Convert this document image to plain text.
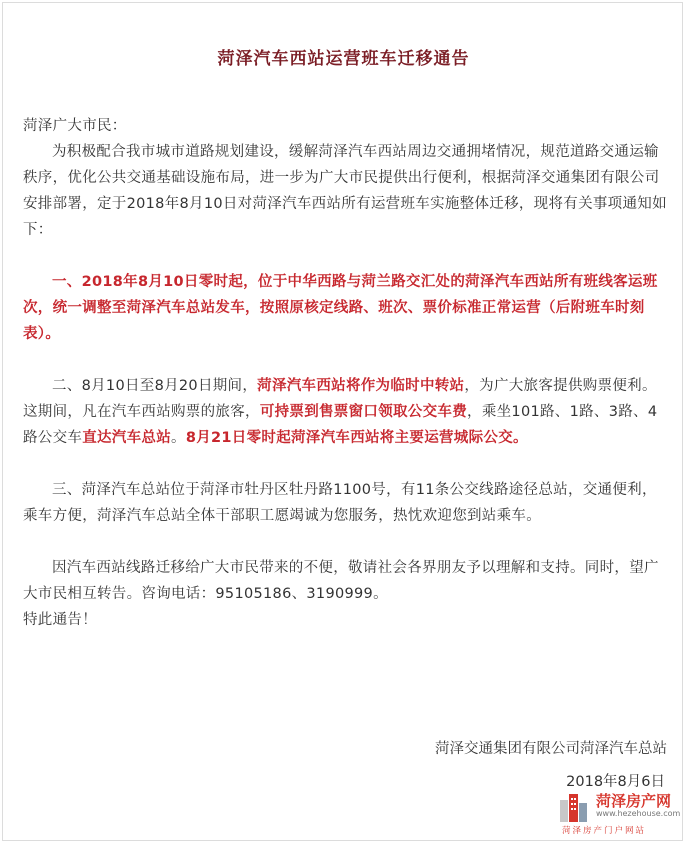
菏泽汽车西站运营班车迁移通告

菏泽广大市民：

为积极配合我市城市道路规划建设，缓解菏泽汽车西站周边交通拥堵情况，规范道路交通运输秩序，优化公共交通基础设施布局，进一步为广大市民提供出行便利，根据菏泽交通集团有限公司安排部署，定于2018年8月10日对菏泽汽车西站所有运营班车实施整体迁移，现将有关事项通知如下：

一、2018年8月10日零时起，位于中华西路与菏兰路交汇处的菏泽汽车西站所有班线客运班次，统一调整至菏泽汽车总站发车，按照原核定线路、班次、票价标准正常运营（后附班车时刻表）。

二、8月10日至8月20日期间，菏泽汽车西站将作为临时中转站，为广大旅客提供购票便利。这期间，凡在汽车西站购票的旅客，可持票到售票窗口领取公交车费，乘坐101路、1路、3路、4路公交车直达汽车总站。8月21日零时起菏泽汽车西站将主要运营城际公交。

三、菏泽汽车总站位于菏泽市牡丹区牡丹路1100号，有11条公交线路途径总站，交通便利，乘车方便，菏泽汽车总站全体干部职工愿竭诚为您服务，热忱欢迎您到站乘车。

因汽车西站线路迁移给广大市民带来的不便，敬请社会各界朋友予以理解和支持。同时，望广大市民相互转告。咨询电话：95105186、3190999。

特此通告！

菏泽交通集团有限公司菏泽汽车总站
2018年8月6日
菏泽房产网
www.hezehouse.com
菏泽房产门户网站
